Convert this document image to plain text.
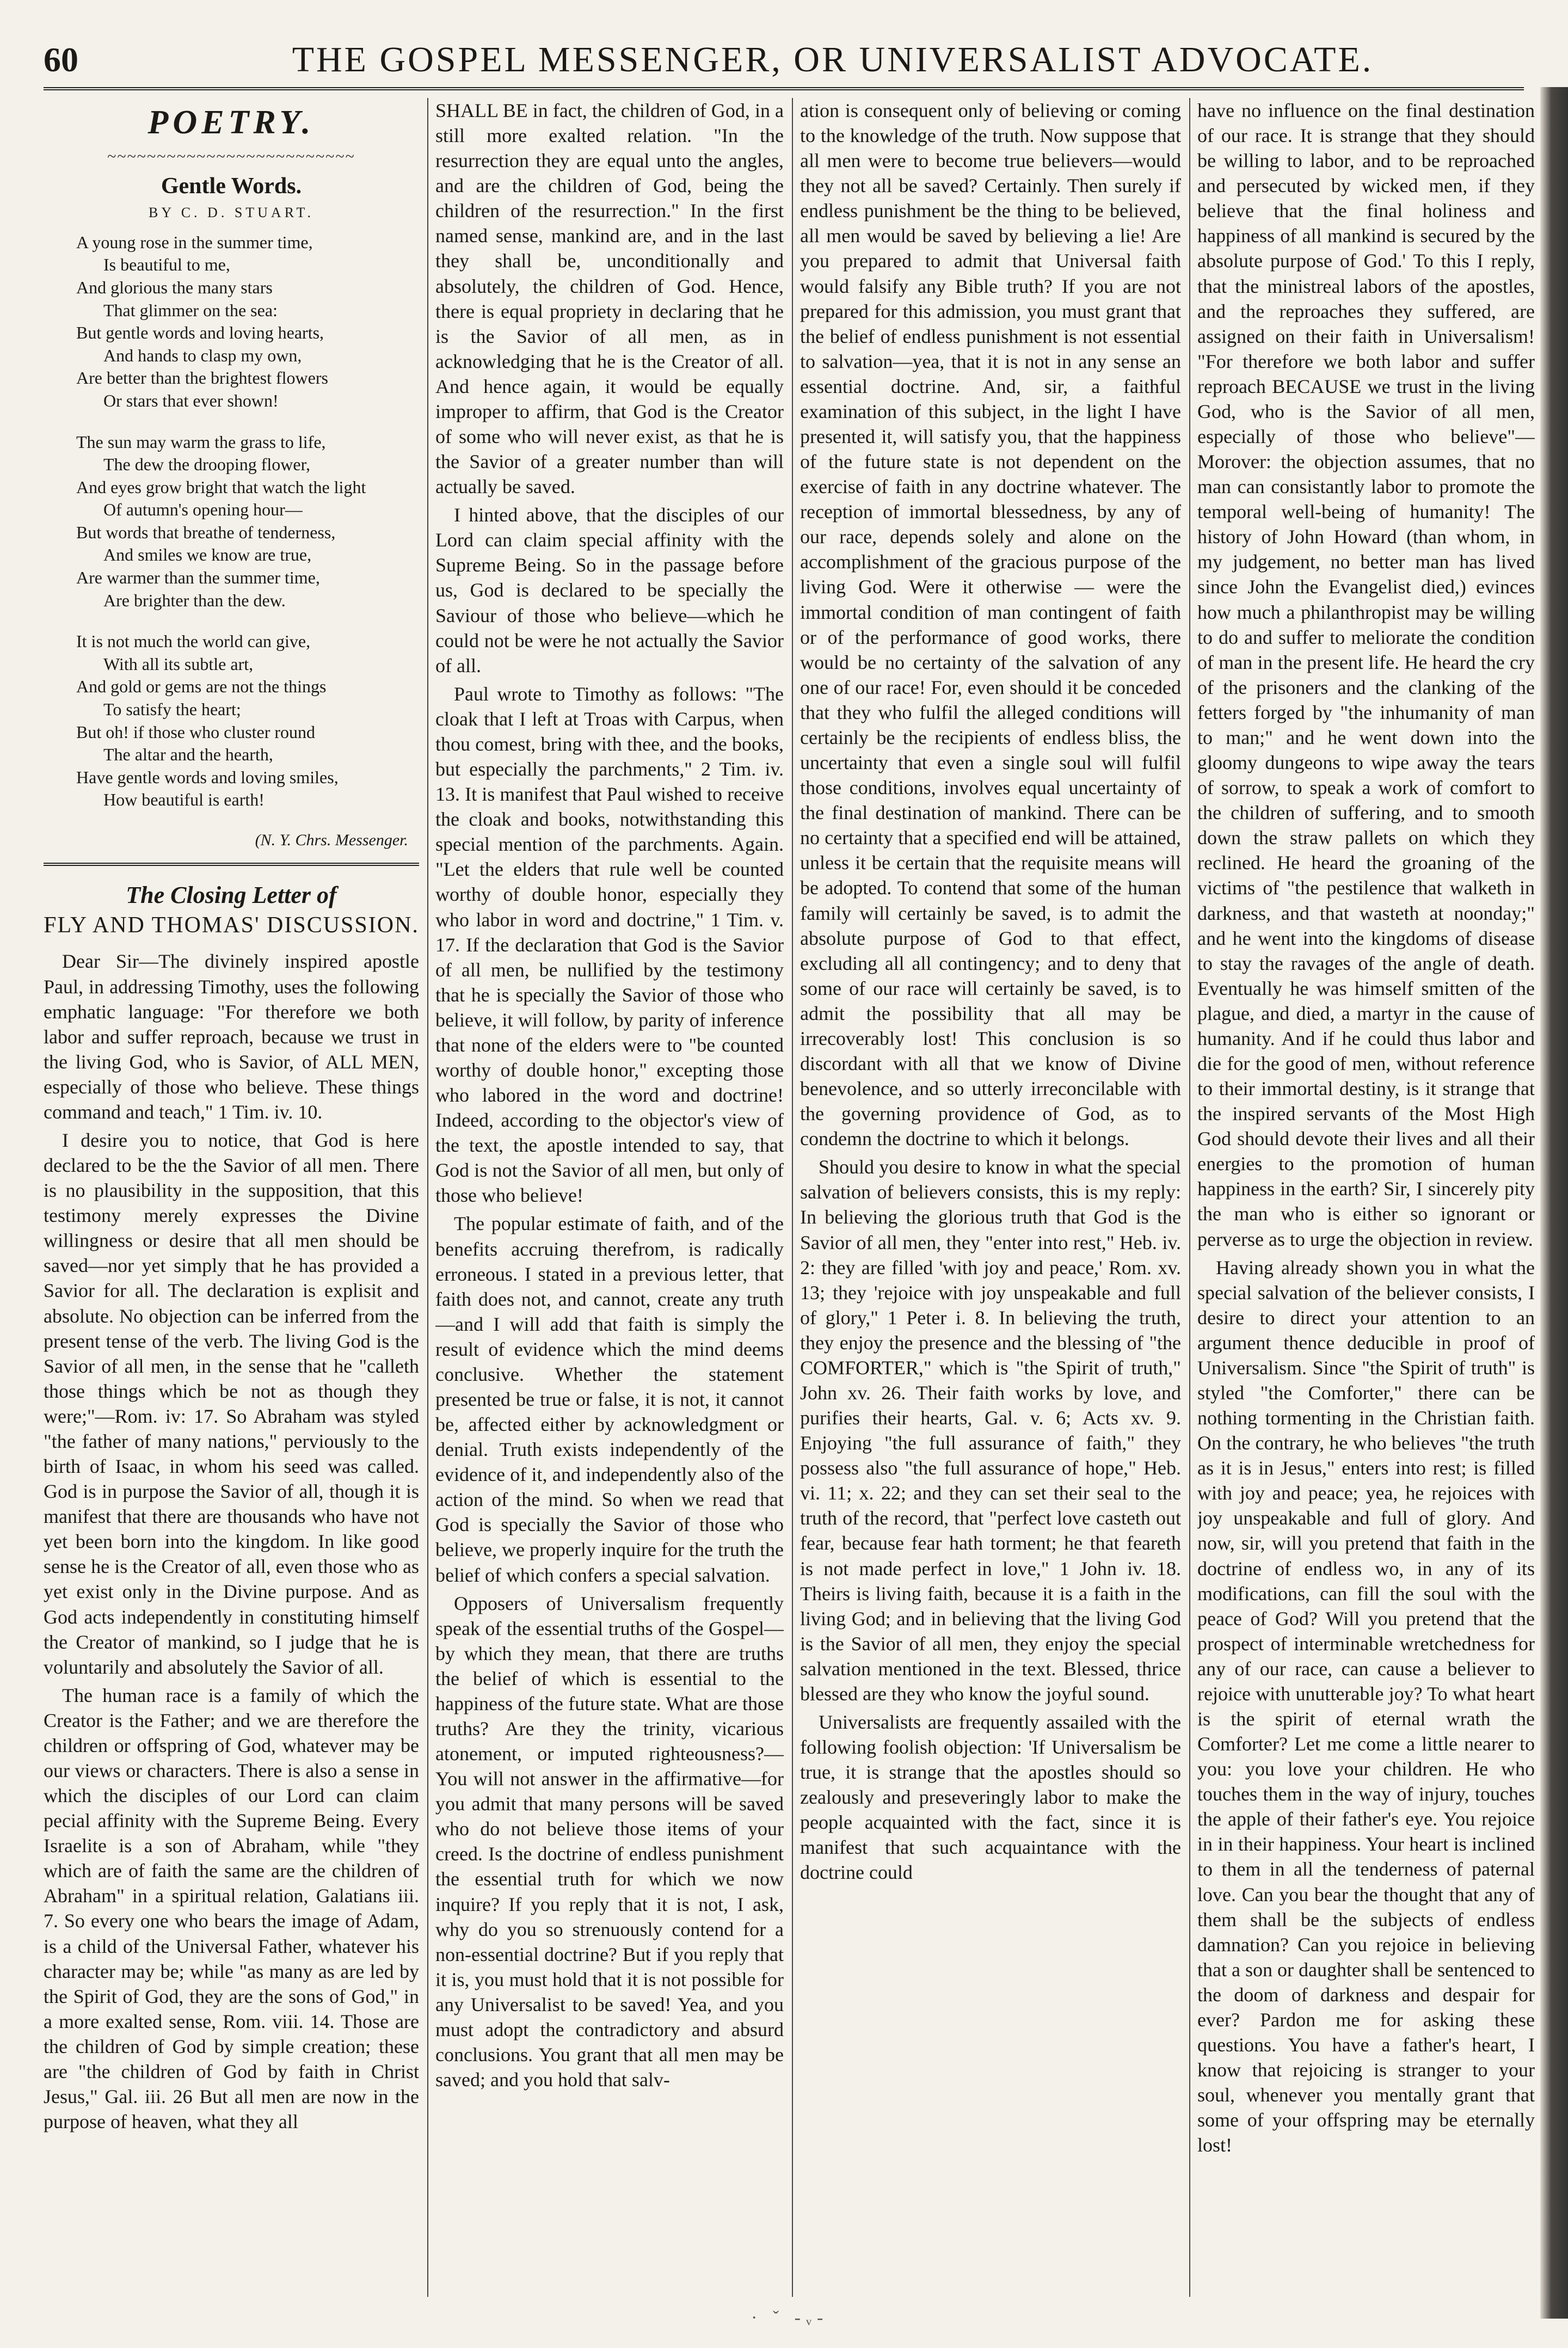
60	THE GOSPEL MESSENGER, OR UNIVERSALIST ADVOCATE.
POETRY.
~~~~~~~~~~~~~~~~~~~~~~~~~
Gentle Words.
BY C. D. STUART.
A young rose in the summer time,
Is beautiful to me,
And glorious the many stars
That glimmer on the sea:
But gentle words and loving hearts,
And hands to clasp my own,
Are better than the brightest flowers
Or stars that ever shown!
The sun may warm the grass to life,
The dew the drooping flower,
And eyes grow bright that watch the light
Of autumn's opening hour—
But words that breathe of tenderness,
And smiles we know are true,
Are warmer than the summer time,
Are brighter than the dew.
It is not much the world can give,
With all its subtle art,
And gold or gems are not the things
To satisfy the heart;
But oh! if those who cluster round
The altar and the hearth,
Have gentle words and loving smiles,
How beautiful is earth!
(N. Y. Chrs. Messenger.
The Closing Letter of
FLY AND THOMAS' DISCUSSION.

Dear Sir—The divinely inspired apostle Paul, in addressing Timothy, uses the following emphatic language: "For therefore we both labor and suffer reproach, because we trust in the living God, who is Savior, of ALL MEN, especially of those who believe. These things command and teach," 1 Tim. iv. 10.

I desire you to notice, that God is here declared to be the the Savior of all men. There is no plausibility in the supposition, that this testimony merely expresses the Divine willingness or desire that all men should be saved—nor yet simply that he has provided a Savior for all. The declaration is explisit and absolute. No objection can be inferred from the present tense of the verb. The living God is the Savior of all men, in the sense that he "calleth those things which be not as though they were;"—Rom. iv: 17. So Abraham was styled "the father of many nations," perviously to the birth of Isaac, in whom his seed was called. God is in purpose the Savior of all, though it is manifest that there are thousands who have not yet been born into the kingdom. In like good sense he is the Creator of all, even those who as yet exist only in the Divine purpose. And as God acts independently in constituting himself the Creator of mankind, so I judge that he is voluntarily and absolutely the Savior of all.

The human race is a family of which the Creator is the Father; and we are therefore the children or offspring of God, whatever may be our views or characters. There is also a sense in which the disciples of our Lord can claim pecial affinity with the Supreme Being. Every Israelite is a son of Abraham, while "they which are of faith the same are the children of Abraham" in a spiritual relation, Galatians iii. 7. So every one who bears the image of Adam, is a child of the Universal Father, whatever his character may be; while "as many as are led by the Spirit of God, they are the sons of God," in a more exalted sense, Rom. viii. 14. Those are the children of God by simple creation; these are "the children of God by faith in Christ Jesus," Gal. iii. 26 But all men are now in the purpose of heaven, what they all

SHALL BE in fact, the children of God, in a still more exalted relation. "In the resurrection they are equal unto the angles, and are the children of God, being the children of the resurrection." In the first named sense, mankind are, and in the last they shall be, unconditionally and absolutely, the children of God. Hence, there is equal propriety in declaring that he is the Savior of all men, as in acknowledging that he is the Creator of all. And hence again, it would be equally improper to affirm, that God is the Creator of some who will never exist, as that he is the Savior of a greater number than will actually be saved.

I hinted above, that the disciples of our Lord can claim special affinity with the Supreme Being. So in the passage before us, God is declared to be specially the Saviour of those who believe—which he could not be were he not actually the Savior of all.

Paul wrote to Timothy as follows: "The cloak that I left at Troas with Carpus, when thou comest, bring with thee, and the books, but especially the parchments," 2 Tim. iv. 13. It is manifest that Paul wished to receive the cloak and books, notwithstanding this special mention of the parchments. Again. "Let the elders that rule well be counted worthy of double honor, especially they who labor in word and doctrine," 1 Tim. v. 17. If the declaration that God is the Savior of all men, be nullified by the testimony that he is specially the Savior of those who believe, it will follow, by parity of inference that none of the elders were to "be counted worthy of double honor," excepting those who labored in the word and doctrine! Indeed, according to the objector's view of the text, the apostle intended to say, that God is not the Savior of all men, but only of those who believe!

The popular estimate of faith, and of the benefits accruing therefrom, is radically erroneous. I stated in a previous letter, that faith does not, and cannot, create any truth—and I will add that faith is simply the result of evidence which the mind deems conclusive. Whether the statement presented be true or false, it is not, it cannot be, affected either by acknowledgment or denial. Truth exists independently of the evidence of it, and independently also of the action of the mind. So when we read that God is specially the Savior of those who believe, we properly inquire for the truth the belief of which confers a special salvation.

Opposers of Universalism frequently speak of the essential truths of the Gospel—by which they mean, that there are truths the belief of which is essential to the happiness of the future state. What are those truths? Are they the trinity, vicarious atonement, or imputed righteousness?—You will not answer in the affirmative—for you admit that many persons will be saved who do not believe those items of your creed. Is the doctrine of endless punishment the essential truth for which we now inquire? If you reply that it is not, I ask, why do you so strenuously contend for a non-essential doctrine? But if you reply that it is, you must hold that it is not possible for any Universalist to be saved! Yea, and you must adopt the contradictory and absurd conclusions. You grant that all men may be saved; and you hold that salv-

ation is consequent only of believing or coming to the knowledge of the truth. Now suppose that all men were to become true believers—would they not all be saved? Certainly. Then surely if endless punishment be the thing to be believed, all men would be saved by believing a lie! Are you prepared to admit that Universal faith would falsify any Bible truth? If you are not prepared for this admission, you must grant that the belief of endless punishment is not essential to salvation—yea, that it is not in any sense an essential doctrine. And, sir, a faithful examination of this subject, in the light I have presented it, will satisfy you, that the happiness of the future state is not dependent on the exercise of faith in any doctrine whatever. The reception of immortal blessedness, by any of our race, depends solely and alone on the accomplishment of the gracious purpose of the living God. Were it otherwise — were the immortal condition of man contingent of faith or of the performance of good works, there would be no certainty of the salvation of any one of our race! For, even should it be conceded that they who fulfil the alleged conditions will certainly be the recipients of endless bliss, the uncertainty that even a single soul will fulfil those conditions, involves equal uncertainty of the final destination of mankind. There can be no certainty that a specified end will be attained, unless it be certain that the requisite means will be adopted. To contend that some of the human family will certainly be saved, is to admit the absolute purpose of God to that effect, excluding all all contingency; and to deny that some of our race will certainly be saved, is to admit the possibility that all may be irrecoverably lost! This conclusion is so discordant with all that we know of Divine benevolence, and so utterly irreconcilable with the governing providence of God, as to condemn the doctrine to which it belongs.

Should you desire to know in what the special salvation of believers consists, this is my reply: In believing the glorious truth that God is the Savior of all men, they "enter into rest," Heb. iv. 2: they are filled 'with joy and peace,' Rom. xv. 13; they 'rejoice with joy unspeakable and full of glory," 1 Peter i. 8. In believing the truth, they enjoy the presence and the blessing of "the COMFORTER," which is "the Spirit of truth," John xv. 26. Their faith works by love, and purifies their hearts, Gal. v. 6; Acts xv. 9. Enjoying "the full assurance of faith," they possess also "the full assurance of hope," Heb. vi. 11; x. 22; and they can set their seal to the truth of the record, that "perfect love casteth out fear, because fear hath torment; he that feareth is not made perfect in love," 1 John iv. 18. Theirs is living faith, because it is a faith in the living God; and in believing that the living God is the Savior of all men, they enjoy the special salvation mentioned in the text. Blessed, thrice blessed are they who know the joyful sound.

Universalists are frequently assailed with the following foolish objection: 'If Universalism be true, it is strange that the apostles should so zealously and preseveringly labor to make the people acquainted with the fact, since it is manifest that such acquaintance with the doctrine could

have no influence on the final destination of our race. It is strange that they should be willing to labor, and to be reproached and persecuted by wicked men, if they believe that the final holiness and happiness of all mankind is secured by the absolute purpose of God.' To this I reply, that the ministreal labors of the apostles, and the reproaches they suffered, are assigned on their faith in Universalism! "For therefore we both labor and suffer reproach BECAUSE we trust in the living God, who is the Savior of all men, especially of those who believe"—Morover: the objection assumes, that no man can consistantly labor to promote the temporal well-being of humanity! The history of John Howard (than whom, in my judgement, no better man has lived since John the Evangelist died,) evinces how much a philanthropist may be willing to do and suffer to meliorate the condition of man in the present life. He heard the cry of the prisoners and the clanking of the fetters forged by "the inhumanity of man to man;" and he went down into the gloomy dungeons to wipe away the tears of sorrow, to speak a work of comfort to the children of suffering, and to smooth down the straw pallets on which they reclined. He heard the groaning of the victims of "the pestilence that walketh in darkness, and that wasteth at noonday;" and he went into the kingdoms of disease to stay the ravages of the angle of death. Eventually he was himself smitten of the plague, and died, a martyr in the cause of humanity. And if he could thus labor and die for the good of men, without reference to their immortal destiny, is it strange that the inspired servants of the Most High God should devote their lives and all their energies to the promotion of human happiness in the earth? Sir, I sincerely pity the man who is either so ignorant or perverse as to urge the objection in review.

Having already shown you in what the special salvation of the believer consists, I desire to direct your attention to an argument thence deducible in proof of Universalism. Since "the Spirit of truth" is styled "the Comforter," there can be nothing tormenting in the Christian faith. On the contrary, he who believes "the truth as it is in Jesus," enters into rest; is filled with joy and peace; yea, he rejoices with joy unspeakable and full of glory. And now, sir, will you pretend that faith in the doctrine of endless wo, in any of its modifications, can fill the soul with the peace of God? Will you pretend that the prospect of interminable wretchedness for any of our race, can cause a believer to rejoice with unutterable joy? To what heart is the spirit of eternal wrath the Comforter? Let me come a little nearer to you: you love your children. He who touches them in the way of injury, touches the apple of their father's eye. You rejoice in in their happiness. Your heart is inclined to them in all the tenderness of paternal love. Can you bear the thought that any of them shall be the subjects of endless damnation? Can you rejoice in believing that a son or daughter shall be sentenced to the doom of darkness and despair for ever? Pardon me for asking these questions. You have a father's heart, I know that rejoicing is stranger to your soul, whenever you mentally grant that some of your offspring may be eternally lost!

· ˇ -ᵥ-
